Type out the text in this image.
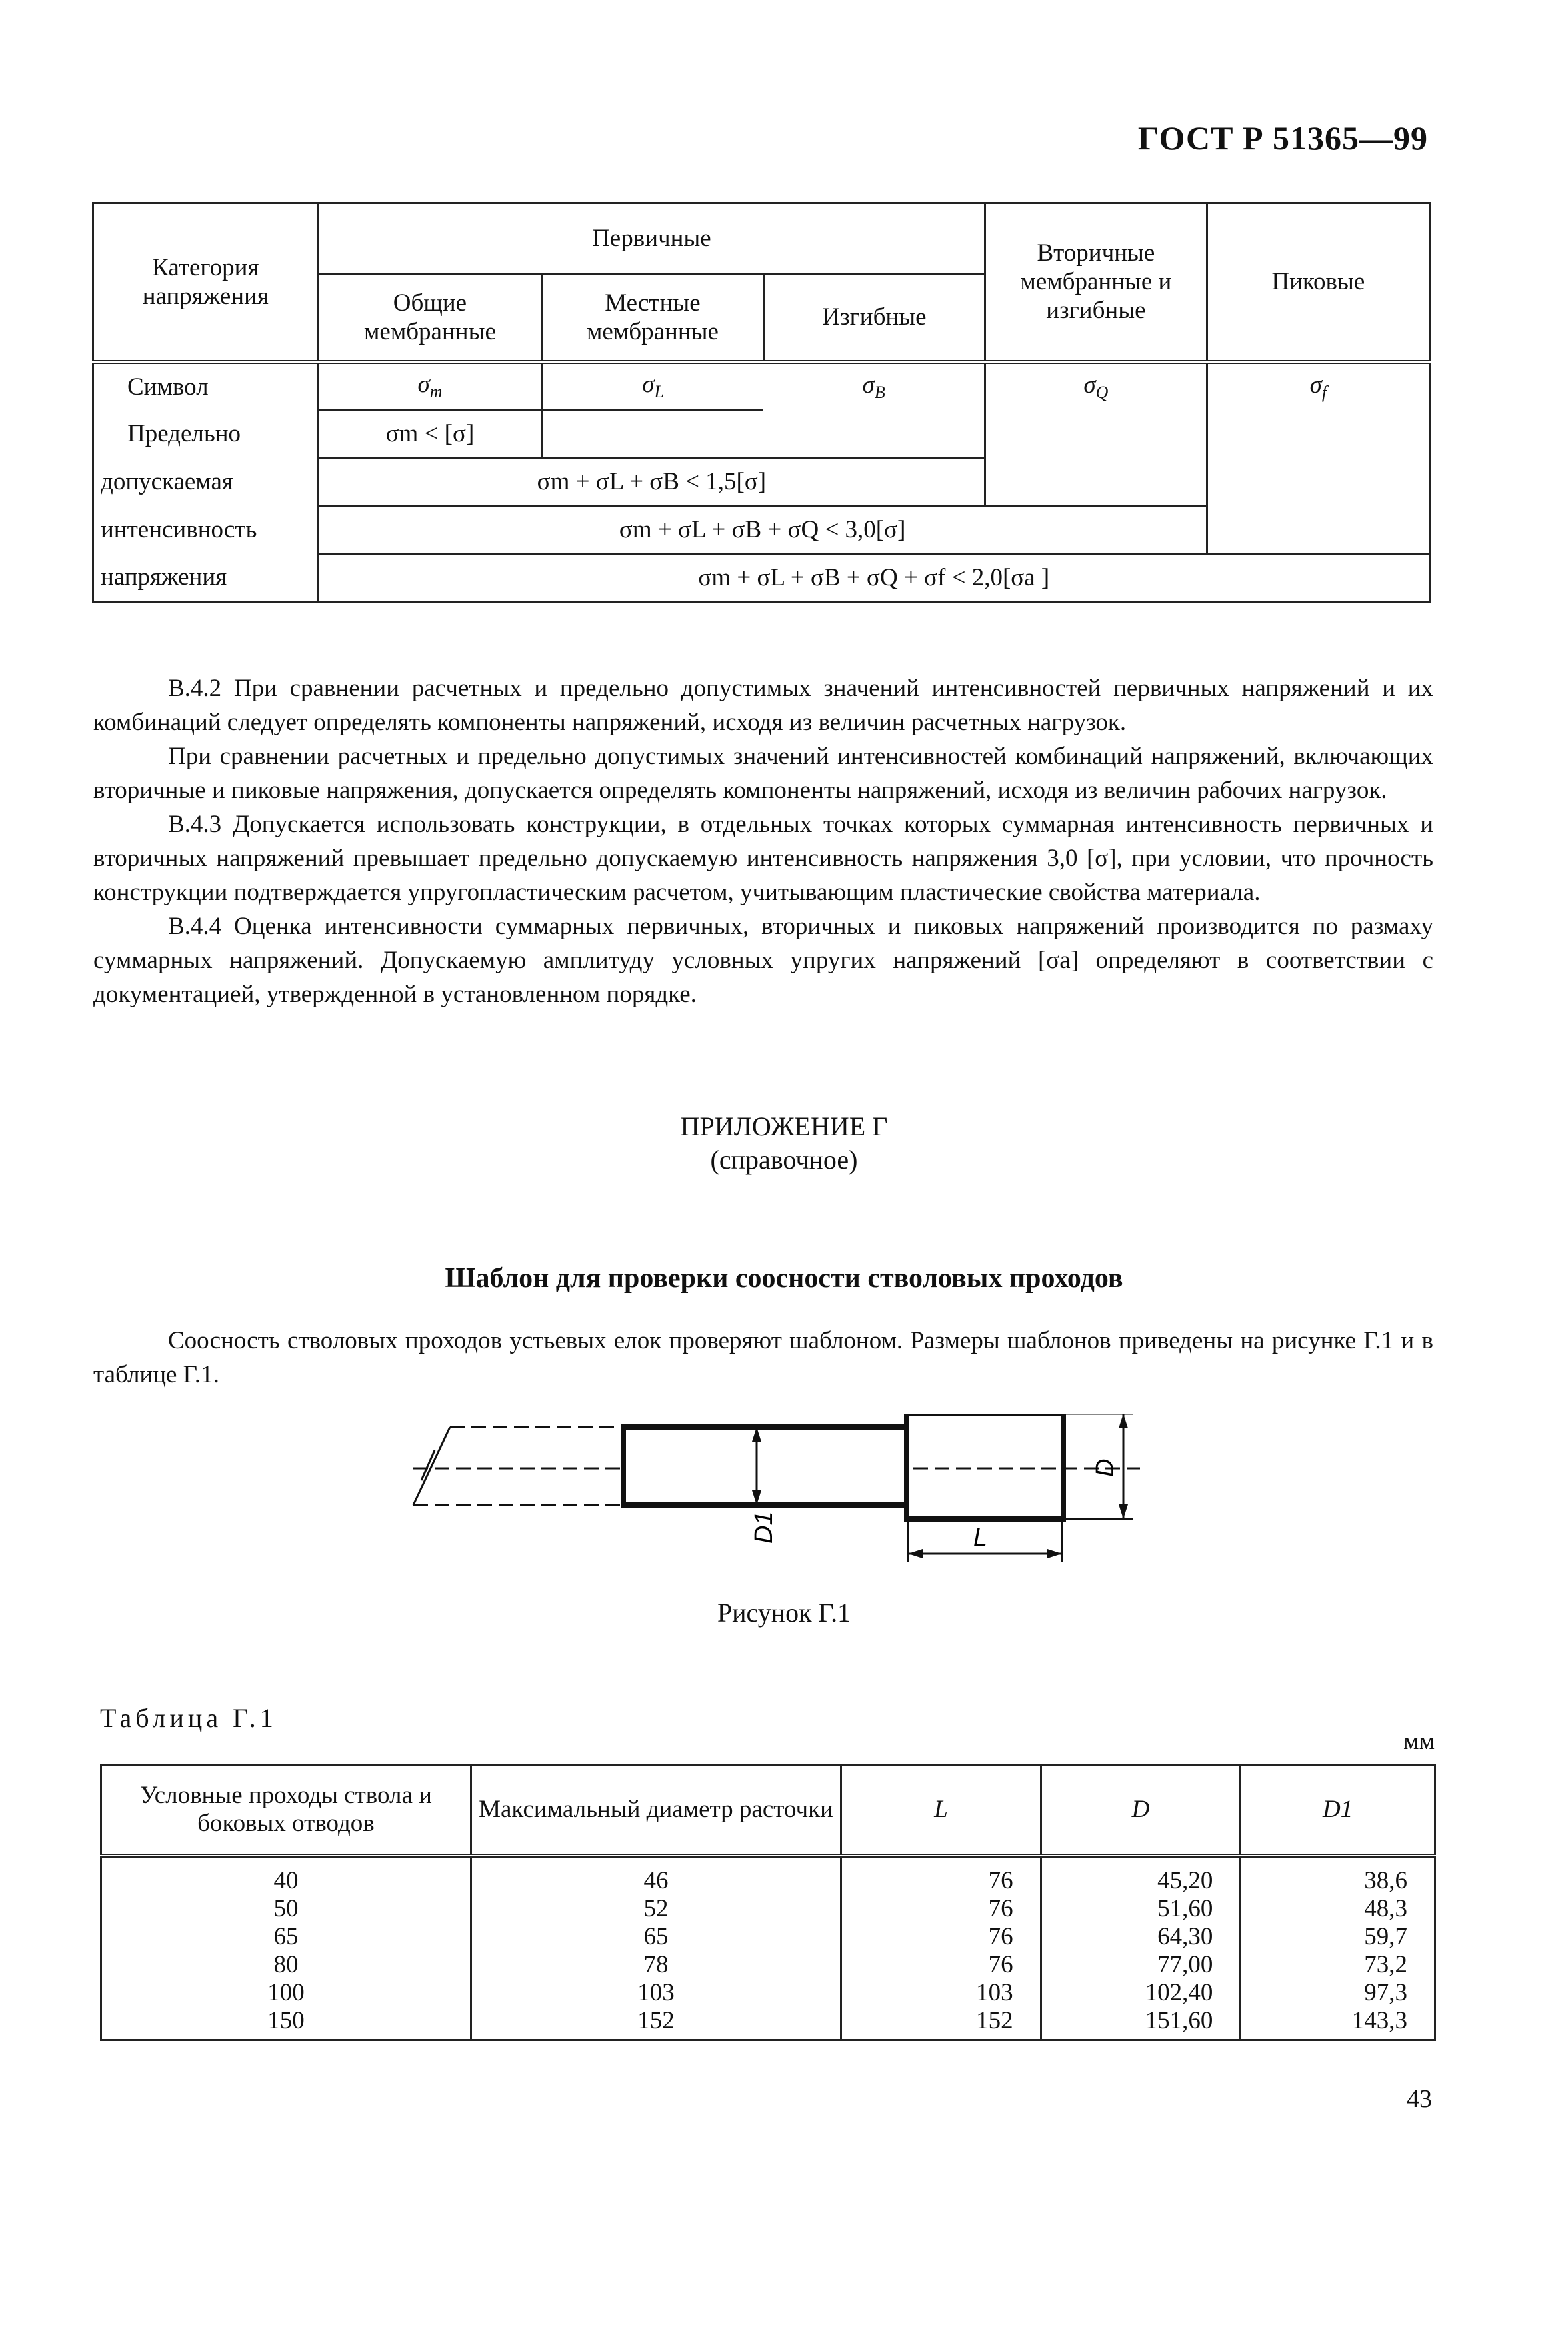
ГОСТ Р 51365—99
Категория напряжения	Первичные			Вторичные мембранные и изгибные	Пиковые
	Общие мембранные	Местные мембранные	Изгибные		
Символ	$\sigma_m$	$\sigma_L$	$\sigma_B$	$\sigma_Q$	$\sigma_f$
Предельно	σm < [σ]				
допускаемая	σm + σL + σB < 1,5[σ]				
интенсивность	σm + σL + σB + σQ < 3,0[σ]				
напряжения	σm + σL + σB + σQ + σf < 2,0[σa ]				

В.4.2 При сравнении расчетных и предельно допустимых значений интенсивностей первичных напряжений и их комбинаций следует определять компоненты напряжений, исходя из величин расчетных нагрузок.

При сравнении расчетных и предельно допустимых значений интенсивностей комбинаций напряжений, включающих вторичные и пиковые напряжения, допускается определять компоненты напряжений, исходя из величин рабочих нагрузок.

В.4.3 Допускается использовать конструкции, в отдельных точках которых суммарная интенсивность первичных и вторичных напряжений превышает предельно допускаемую интенсивность напряжения 3,0 [σ], при условии, что прочность конструкции подтверждается упругопластическим расчетом, учитывающим пластические свойства материала.

В.4.4 Оценка интенсивности суммарных первичных, вторичных и пиковых напряжений производится по размаху суммарных напряжений. Допускаемую амплитуду условных упругих напряжений [σa] определяют в соответствии с документацией, утвержденной в установленном порядке.

ПРИЛОЖЕНИЕ Г
(справочное)
Шаблон для проверки соосности стволовых проходов

Соосность стволовых проходов устьевых елок проверяют шаблоном. Размеры шаблонов приведены на рисунке Г.1 и в таблице Г.1.

D1
D
L
Рисунок Г.1
Таблица Г.1
мм
Условные проходы ствола и боковых отводов	Максимальный диаметр расточки	L	D	D1
40	46	76	45,20	38,6
50	52	76	51,60	48,3
65	65	76	64,30	59,7
80	78	76	77,00	73,2
100	103	103	102,40	97,3
150	152	152	151,60	143,3
43
